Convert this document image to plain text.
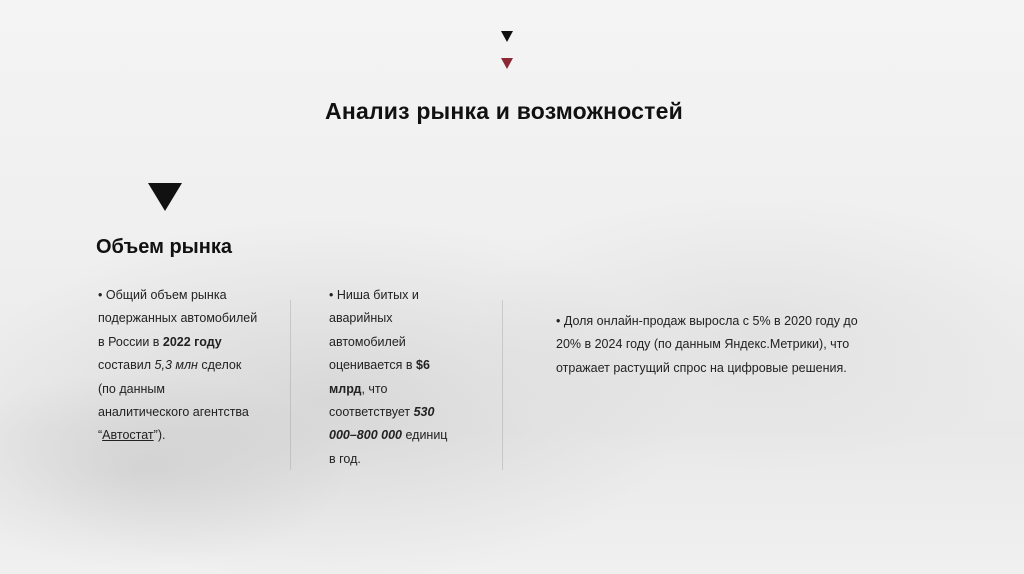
Анализ рынка и возможностей
Объем рынка
• Общий объем рынка подержанных автомобилей в России в 2022 году составил 5,3 млн сделок (по данным аналитического агентства “Автостат”).
• Ниша битых и аварийных автомобилей оценивается в $6 млрд, что соответствует 530 000–800 000 единиц в год.
• Доля онлайн-продаж выросла с 5% в 2020 году до 20% в 2024 году (по данным Яндекс.Метрики), что отражает растущий спрос на цифровые решения.
